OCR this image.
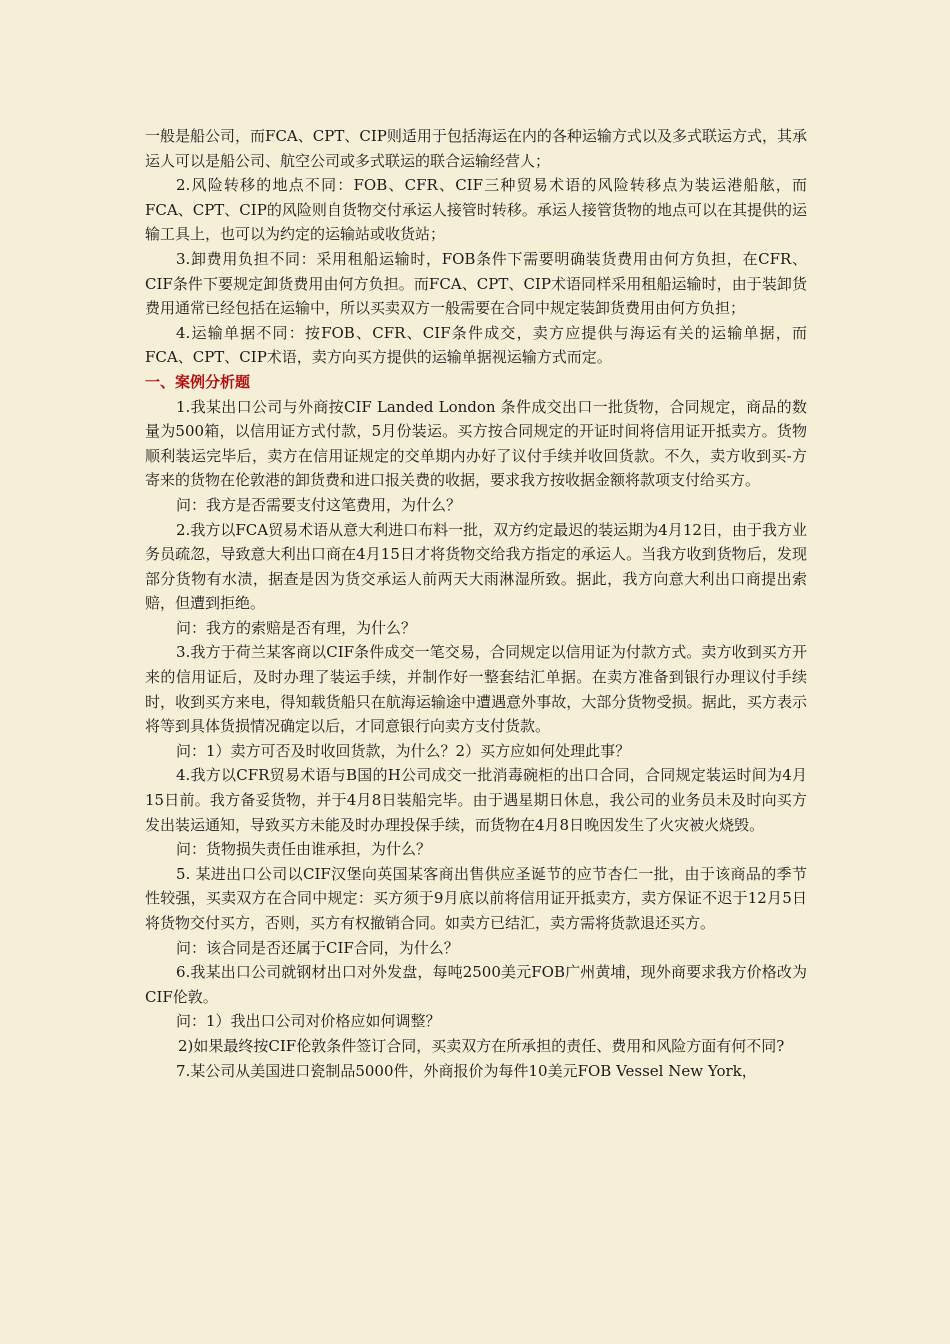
一般是船公司，而FCA、CPT、CIP则适用于包括海运在内的各种运输方式以及多式联运方式，其承运人可以是船公司、航空公司或多式联运的联合运输经营人；

2.风险转移的地点不同：FOB、CFR、CIF三种贸易术语的风险转移点为装运港船舷，而FCA、CPT、CIP的风险则自货物交付承运人接管时转移。承运人接管货物的地点可以在其提供的运输工具上，也可以为约定的运输站或收货站；

3.卸费用负担不同：采用租船运输时，FOB条件下需要明确装货费用由何方负担，在CFR、CIF条件下要规定卸货费用由何方负担。而FCA、CPT、CIP术语同样采用租船运输时，由于装卸货费用通常已经包括在运输中，所以买卖双方一般需要在合同中规定装卸货费用由何方负担；

4.运输单据不同：按FOB、CFR、CIF条件成交，卖方应提供与海运有关的运输单据，而FCA、CPT、CIP术语，卖方向买方提供的运输单据视运输方式而定。

一、案例分析题

1.我某出口公司与外商按CIF Landed London 条件成交出口一批货物，合同规定，商品的数量为500箱，以信用证方式付款，5月份装运。买方按合同规定的开证时间将信用证开抵卖方。货物顺利装运完毕后，卖方在信用证规定的交单期内办好了议付手续并收回货款。不久，卖方收到买-方寄来的货物在伦敦港的卸货费和进口报关费的收据，要求我方按收据金额将款项支付给买方。

问：我方是否需要支付这笔费用，为什么？

2.我方以FCA贸易术语从意大利进口布料一批，双方约定最迟的装运期为4月12日，由于我方业务员疏忽，导致意大利出口商在4月15日才将货物交给我方指定的承运人。当我方收到货物后，发现部分货物有水渍，据查是因为货交承运人前两天大雨淋湿所致。据此，我方向意大利出口商提出索赔，但遭到拒绝。

问：我方的索赔是否有理，为什么？

3.我方于荷兰某客商以CIF条件成交一笔交易，合同规定以信用证为付款方式。卖方收到买方开来的信用证后，及时办理了装运手续，并制作好一整套结汇单据。在卖方准备到银行办理议付手续时，收到买方来电，得知载货船只在航海运输途中遭遇意外事故，大部分货物受损。据此，买方表示将等到具体货损情况确定以后，才同意银行向卖方支付货款。

问：1）卖方可否及时收回货款，为什么？2）买方应如何处理此事？

4.我方以CFR贸易术语与B国的H公司成交一批消毒碗柜的出口合同，合同规定装运时间为4月15日前。我方备妥货物，并于4月8日装船完毕。由于遇星期日休息，我公司的业务员未及时向买方发出装运通知，导致买方未能及时办理投保手续，而货物在4月8日晚因发生了火灾被火烧毁。

问：货物损失责任由谁承担，为什么？

5. 某进出口公司以CIF汉堡向英国某客商出售供应圣诞节的应节杏仁一批，由于该商品的季节性较强，买卖双方在合同中规定：买方须于9月底以前将信用证开抵卖方，卖方保证不迟于12月5日将货物交付买方，否则，买方有权撤销合同。如卖方已结汇，卖方需将货款退还买方。

问：该合同是否还属于CIF合同，为什么？

6.我某出口公司就钢材出口对外发盘，每吨2500美元FOB广州黄埔，现外商要求我方价格改为CIF伦敦。

问：1）我出口公司对价格应如何调整？

2)如果最终按CIF伦敦条件签订合同，买卖双方在所承担的责任、费用和风险方面有何不同?

7.某公司从美国进口瓷制品5000件，外商报价为每件10美元FOB Vessel New York，
